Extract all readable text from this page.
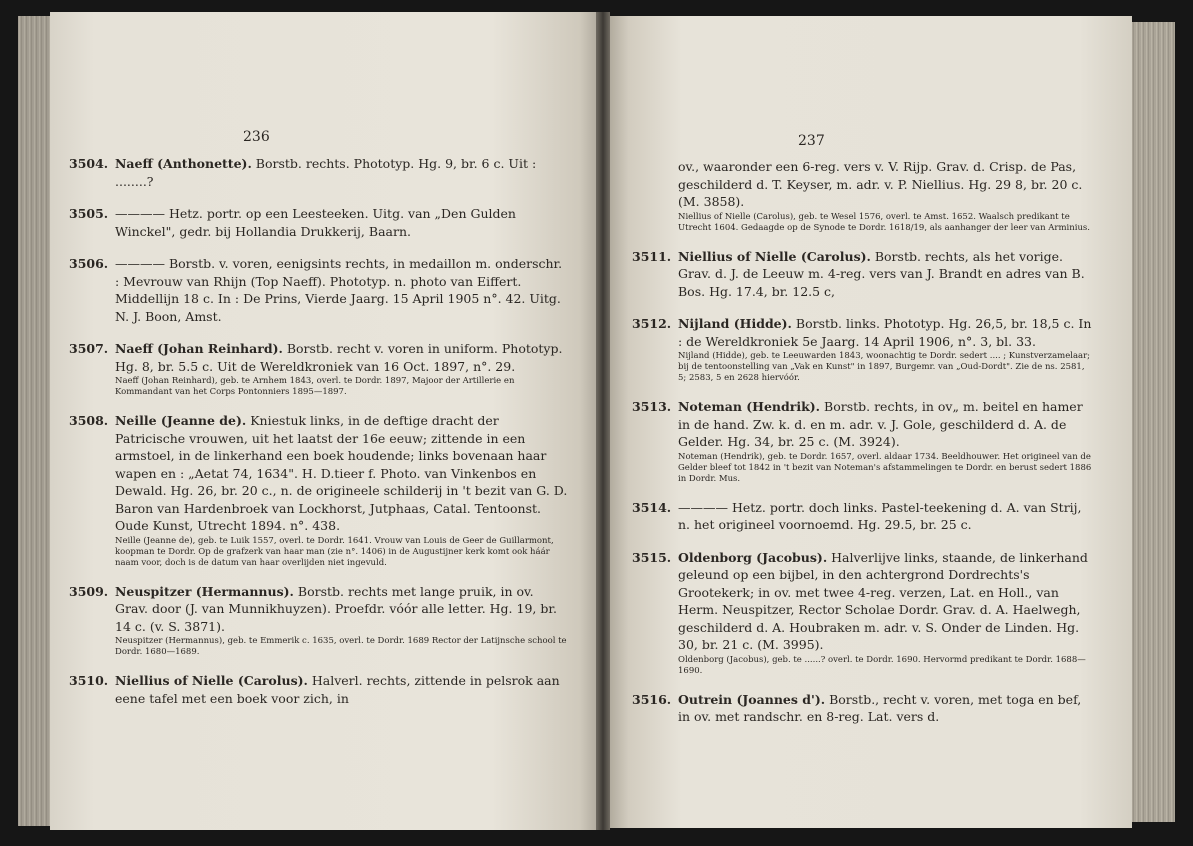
236
3504. Naeff (Anthonette). Borstb. rechts. Phototyp. Hg. 9, br. 6 c. Uit : ........?
3505. ———— Hetz. portr. op een Leesteeken. Uitg. van „Den Gulden Winckel", gedr. bij Hollandia Drukkerij, Baarn.
3506. ———— Borstb. v. voren, eenigsints rechts, in medaillon m. onderschr. : Mevrouw van Rhijn (Top Naeff). Phototyp. n. photo van Eiffert. Middellijn 18 c. In : De Prins, Vierde Jaarg. 15 April 1905 n°. 42. Uitg. N. J. Boon, Amst.
3507. Naeff (Johan Reinhard). Borstb. recht v. voren in uniform. Phototyp. Hg. 8, br. 5.5 c. Uit de Wereldkroniek van 16 Oct. 1897, n°. 29.
Naeff (Johan Reinhard), geb. te Arnhem 1843, overl. te Dordr. 1897, Majoor der Artillerie en Kommandant van het Corps Pontonniers 1895—1897.
3508. Neille (Jeanne de). Kniestuk links, in de deftige dracht der Patricische vrouwen, uit het laatst der 16e eeuw; zittende in een armstoel, in de linkerhand een boek houdende; links bovenaan haar wapen en : „Aetat 74, 1634". H. D.tieer f. Photo. van Vinkenbos en Dewald. Hg. 26, br. 20 c., n. de origineele schilderij in 't bezit van G. D. Baron van Hardenbroek van Lockhorst, Jutphaas, Catal. Tentoonst. Oude Kunst, Utrecht 1894. n°. 438.
Neille (Jeanne de), geb. te Luik 1557, overl. te Dordr. 1641. Vrouw van Louis de Geer de Guillarmont, koopman te Dordr. Op de grafzerk van haar man (zie n°. 1406) in de Augustijner kerk komt ook háár naam voor, doch is de datum van haar overlijden niet ingevuld.
3509. Neuspitzer (Hermannus). Borstb. rechts met lange pruik, in ov. Grav. door (J. van Munnikhuyzen). Proefdr. vóór alle letter. Hg. 19, br. 14 c. (v. S. 3871).
Neuspitzer (Hermannus), geb. te Emmerik c. 1635, overl. te Dordr. 1689 Rector der Latijnsche school te Dordr. 1680—1689.
3510. Niellius of Nielle (Carolus). Halverl. rechts, zittende in pelsrok aan eene tafel met een boek voor zich, in
237
ov., waaronder een 6-reg. vers v. V. Rijp. Grav. d. Crisp. de Pas, geschilderd d. T. Keyser, m. adr. v. P. Niellius. Hg. 29 8, br. 20 c. (M. 3858).
Niellius of Nielle (Carolus), geb. te Wesel 1576, overl. te Amst. 1652. Waalsch predikant te Utrecht 1604. Gedaagde op de Synode te Dordr. 1618/19, als aanhanger der leer van Arminius.
3511. Niellius of Nielle (Carolus). Borstb. rechts, als het vorige. Grav. d. J. de Leeuw m. 4-reg. vers van J. Brandt en adres van B. Bos. Hg. 17.4, br. 12.5 c,
3512. Nijland (Hidde). Borstb. links. Phototyp. Hg. 26,5, br. 18,5 c. In : de Wereldkroniek 5e Jaarg. 14 April 1906, n°. 3, bl. 33.
Nijland (Hidde), geb. te Leeuwarden 1843, woonachtig te Dordr. sedert .... ; Kunstverzamelaar; bij de tentoonstelling van „Vak en Kunst" in 1897, Burgemr. van „Oud-Dordt". Zie de ns. 2581, 5; 2583, 5 en 2628 hiervóór.
3513. Noteman (Hendrik). Borstb. rechts, in ov„ m. beitel en hamer in de hand. Zw. k. d. en m. adr. v. J. Gole, geschilderd d. A. de Gelder. Hg. 34, br. 25 c. (M. 3924).
Noteman (Hendrik), geb. te Dordr. 1657, overl. aldaar 1734. Beeldhouwer. Het origineel van de Gelder bleef tot 1842 in 't bezit van Noteman's afstammelingen te Dordr. en berust sedert 1886 in Dordr. Mus.
3514. ———— Hetz. portr. doch links. Pastel-teekening d. A. van Strij, n. het origineel voornoemd. Hg. 29.5, br. 25 c.
3515. Oldenborg (Jacobus). Halverlijve links, staande, de linkerhand geleund op een bijbel, in den achtergrond Dordrechts's Grootekerk; in ov. met twee 4-reg. verzen, Lat. en Holl., van Herm. Neuspitzer, Rector Scholae Dordr. Grav. d. A. Haelwegh, geschilderd d. A. Houbraken m. adr. v. S. Onder de Linden. Hg. 30, br. 21 c. (M. 3995).
Oldenborg (Jacobus), geb. te ......? overl. te Dordr. 1690. Hervormd predikant te Dordr. 1688—1690.
3516. Outrein (Joannes d'). Borstb., recht v. voren, met toga en bef, in ov. met randschr. en 8-reg. Lat. vers d.
